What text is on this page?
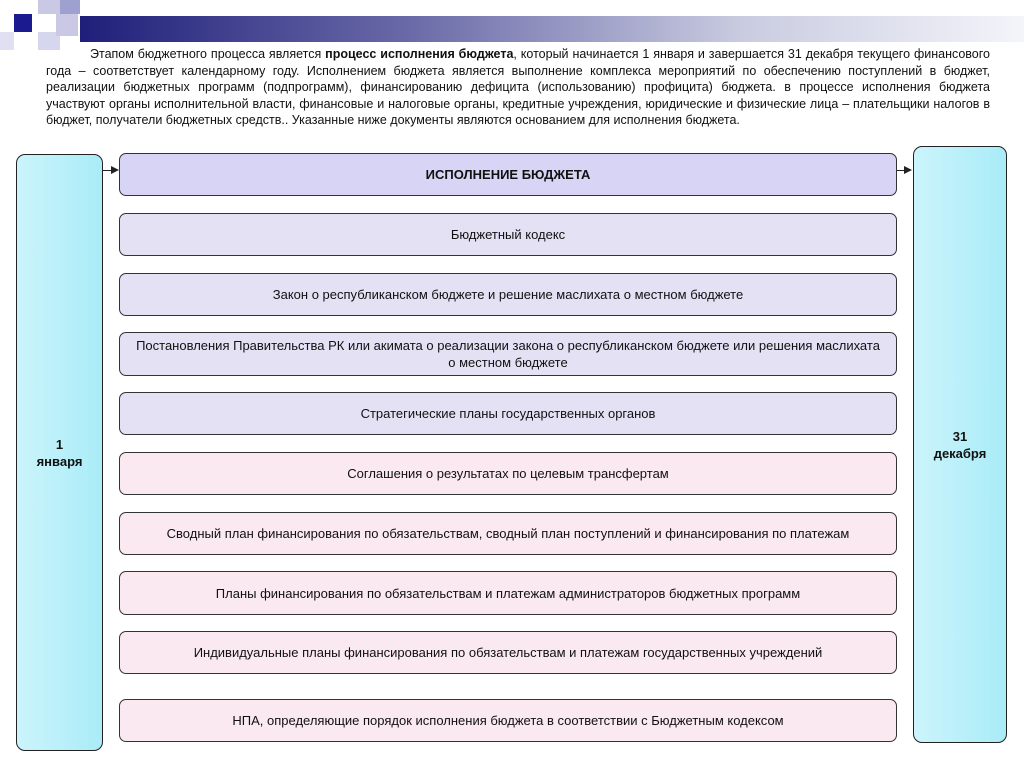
Этапом бюджетного процесса является процесс исполнения бюджета, который начинается 1 января и завершается 31 декабря текущего финансового года – соответствует календарному году. Исполнением бюджета является выполнение комплекса мероприятий по обеспечению поступлений в бюджет, реализации бюджетных программ (подпрограмм), финансированию дефицита (использованию) профицита) бюджета. в процессе исполнения бюджета участвуют органы исполнительной власти, финансовые и налоговые органы, кредитные учреждения, юридические и физические лица – плательщики налогов в бюджет, получатели бюджетных средств.. Указанные ниже документы являются основанием для исполнения бюджета.

1
января
31
декабря
ИСПОЛНЕНИЕ БЮДЖЕТА
Бюджетный кодекс
Закон о республиканском бюджете и решение маслихата о местном бюджете
Постановления Правительства РК или акимата о реализации закона о республиканском бюджете или решения маслихата о местном бюджете
Стратегические планы государственных органов
Соглашения о результатах по целевым трансфертам
Сводный план финансирования по обязательствам, сводный план поступлений и финансирования по платежам
Планы финансирования по обязательствам и платежам администраторов бюджетных программ
Индивидуальные планы финансирования по обязательствам и платежам государственных учреждений
НПА, определяющие порядок исполнения бюджета в соответствии с Бюджетным кодексом
